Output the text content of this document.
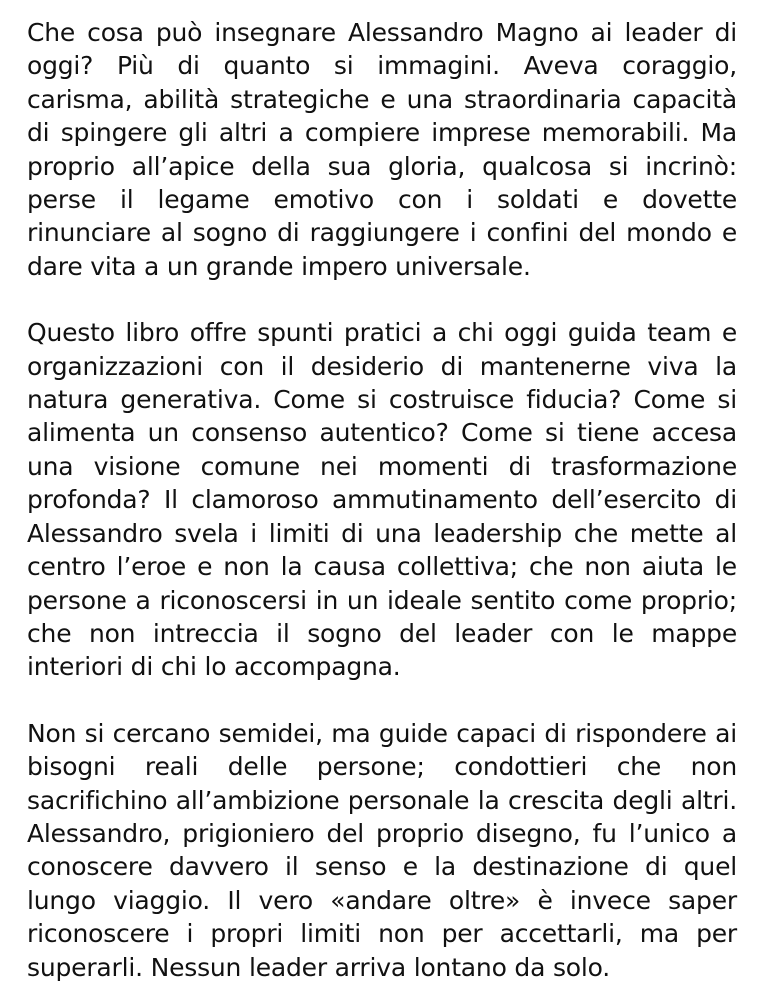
Che cosa può insegnare Alessandro Magno ai leader di oggi? Più di quanto si immagini. Aveva coraggio, carisma, abilità strategiche e una straordinaria capacità di spingere gli altri a compiere imprese memorabili. Ma proprio all’apice della sua gloria, qualcosa si incrinò: perse il legame emotivo con i soldati e dovette rinunciare al sogno di raggiungere i confini del mondo e dare vita a un grande impero universale.

Questo libro offre spunti pratici a chi oggi guida team e organizzazioni con il desiderio di mantenerne viva la natura generativa. Come si costruisce fiducia? Come si alimenta un consenso autentico? Come si tiene accesa una visione comune nei momenti di trasformazione profonda? Il clamoroso ammutinamento dell’esercito di Alessandro svela i limiti di una leadership che mette al centro l’eroe e non la causa collettiva; che non aiuta le persone a riconoscersi in un ideale sentito come proprio; che non intreccia il sogno del leader con le mappe interiori di chi lo accompagna.

Non si cercano semidei, ma guide capaci di rispondere ai bisogni reali delle persone; condottieri che non sacrifichino all’ambizione personale la crescita degli altri. Alessandro, prigioniero del proprio disegno, fu l’unico a conoscere davvero il senso e la destinazione di quel lungo viaggio. Il vero «andare oltre» è invece saper riconoscere i propri limiti non per accettarli, ma per superarli. Nessun leader arriva lontano da solo.
